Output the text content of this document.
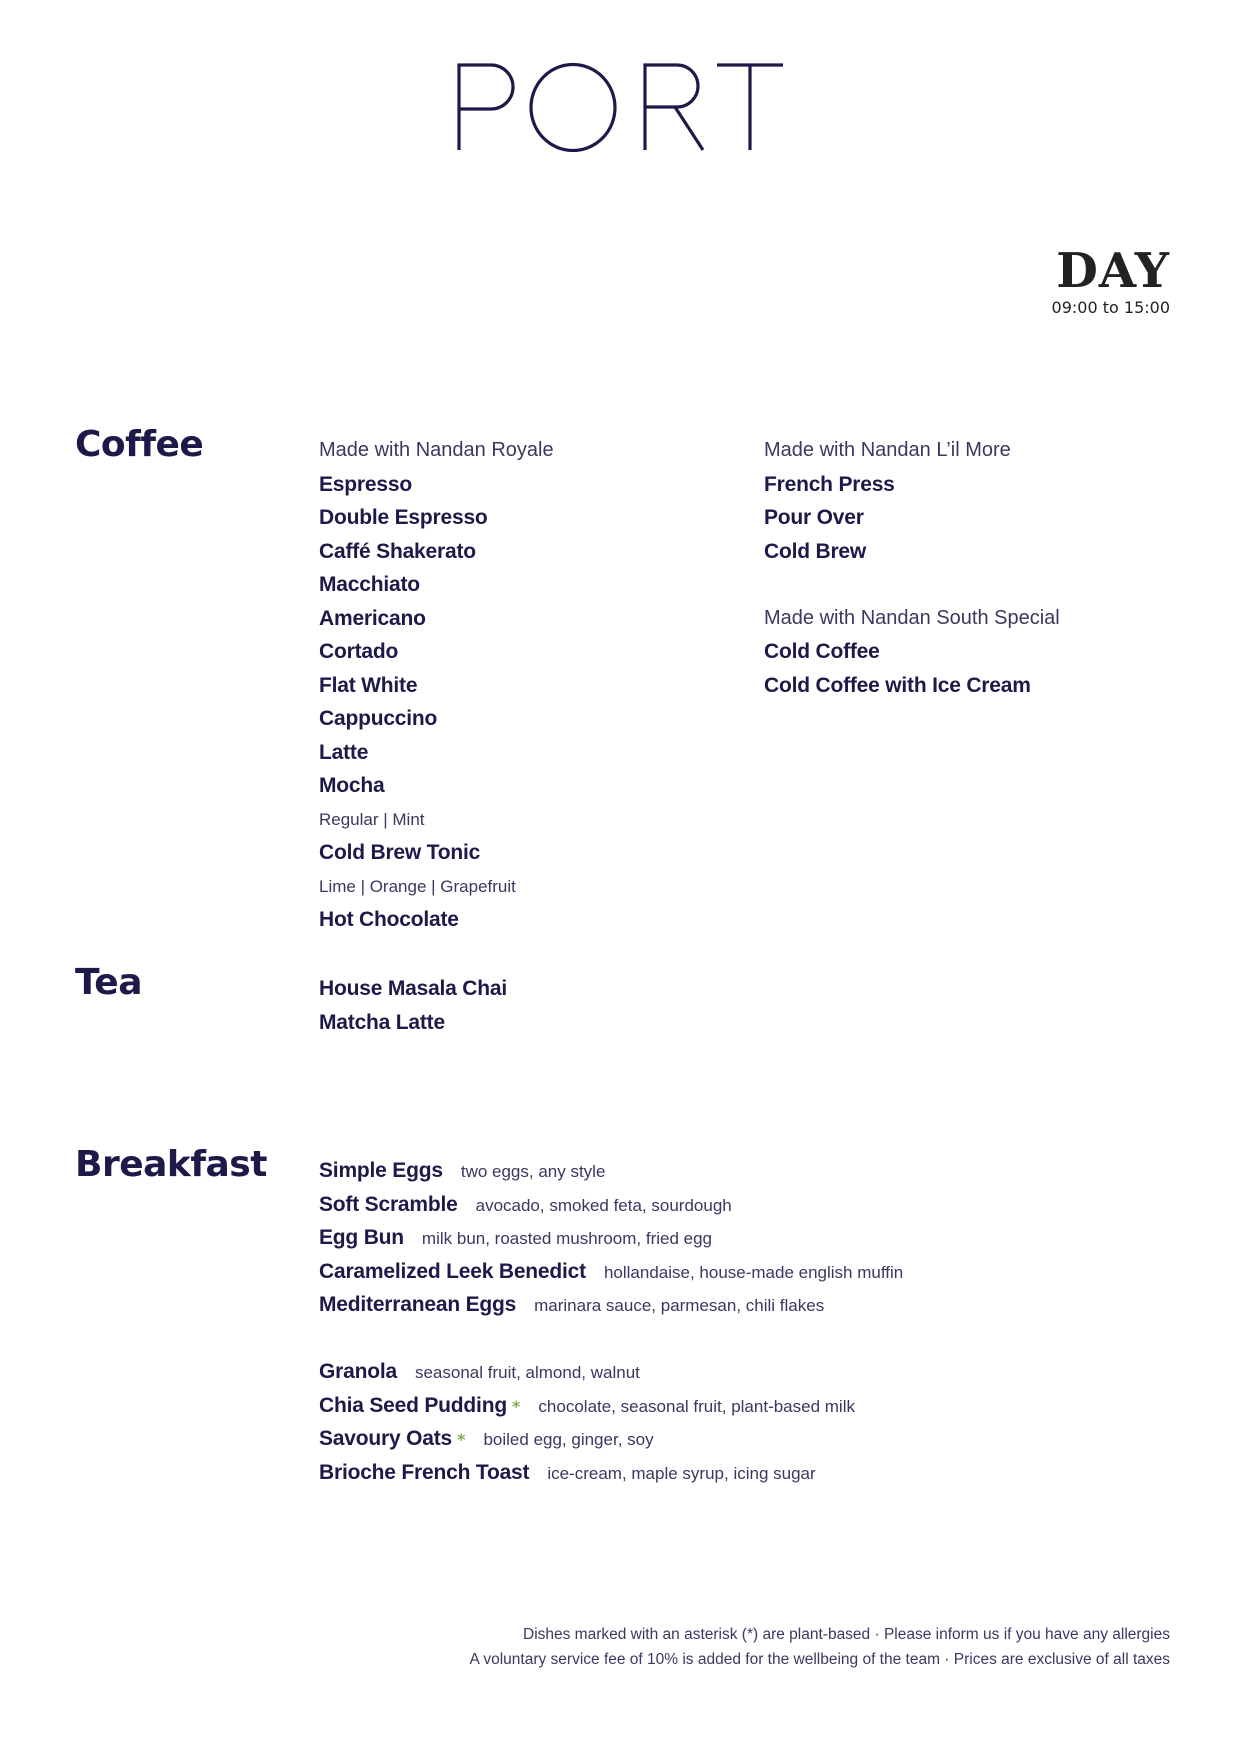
DAY
09:00 to 15:00
Coffee	Made with Nandan Royale
Espresso
Double Espresso
Caffé Shakerato
Macchiato
Americano
Cortado
Flat White
Cappuccino
Latte
Mocha
Regular | Mint
Cold Brew Tonic
Lime | Orange | Grapefruit
Hot Chocolate
Made with Nandan L’il More
French Press
Pour Over
Cold Brew
Made with Nandan South Special
Cold Coffee
Cold Coffee with Ice Cream
Tea	House Masala Chai
Matcha Latte
Breakfast Simple Eggs two eggs, any style
Soft Scramble avocado, smoked feta, sourdough
Egg Bun milk bun, roasted mushroom, fried egg
Caramelized Leek Benedict hollandaise, house-made english muffin
Mediterranean Eggs marinara sauce, parmesan, chili flakes
Granola seasonal fruit, almond, walnut
Chia Seed Pudding * chocolate, seasonal fruit, plant-based milk
Savoury Oats * boiled egg, ginger, soy
Brioche French Toast ice-cream, maple syrup, icing sugar
Dishes marked with an asterisk (*) are plant-based · Please inform us if you have any allergies
A voluntary service fee of 10% is added for the wellbeing of the team · Prices are exclusive of all taxes
